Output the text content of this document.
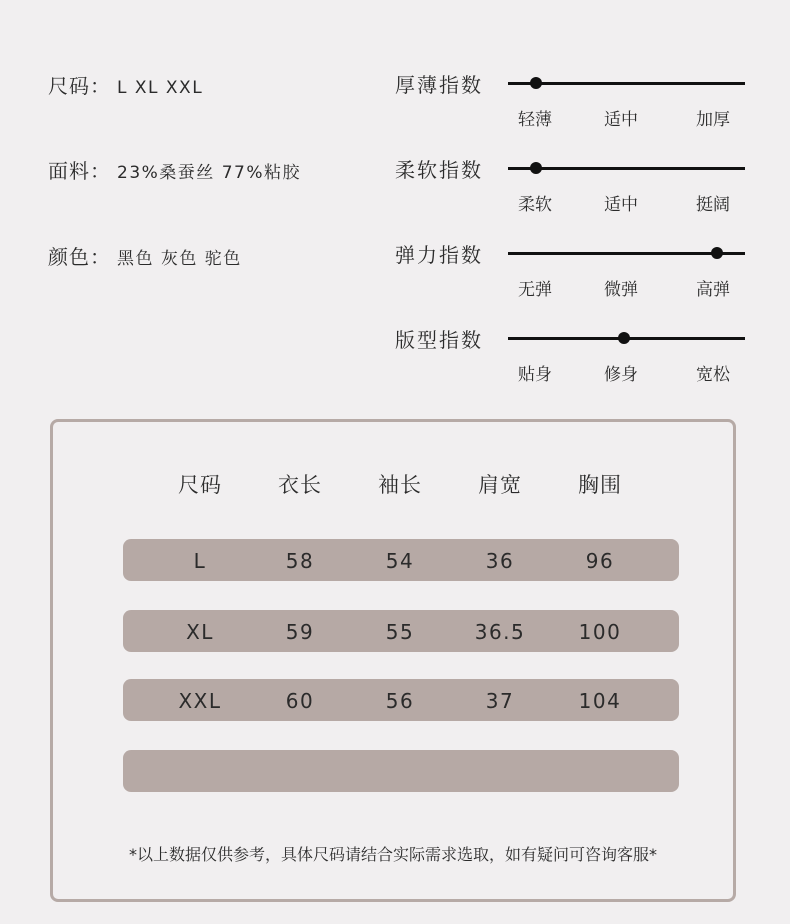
尺码： L XL XXL
面料： 23%桑蚕丝 77%粘胶
颜色： 黑色 灰色 驼色
厚薄指数
轻薄	适中	加厚
柔软指数
柔软	适中	挺阔
弹力指数
无弹	微弹	高弹
版型指数
贴身	修身	宽松
尺码	衣长	袖长	肩宽	胸围
L	58	54	36	96
XL	59	55	36.5	100
XXL	60	56	37	104
*以上数据仅供参考，具体尺码请结合实际需求选取，如有疑问可咨询客服*
